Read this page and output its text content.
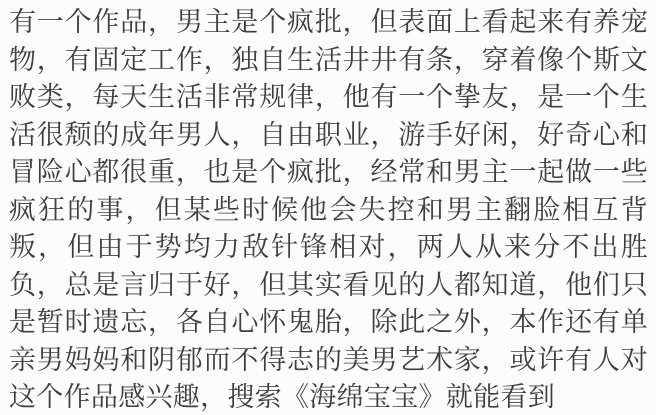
有一个作品，男主是个疯批，但表面上看起来有养宠
物，有固定工作，独自生活井井有条，穿着像个斯文
败类，每天生活非常规律，他有一个挚友，是一个生
活很颓的成年男人，自由职业，游手好闲，好奇心和
冒险心都很重，也是个疯批，经常和男主一起做一些
疯狂的事，但某些时候他会失控和男主翻脸相互背
叛，但由于势均力敌针锋相对，两人从来分不出胜
负，总是言归于好，但其实看见的人都知道，他们只
是暂时遗忘，各自心怀鬼胎，除此之外，本作还有单
亲男妈妈和阴郁而不得志的美男艺术家，或许有人对
这个作品感兴趣，搜索《海绵宝宝》就能看到
